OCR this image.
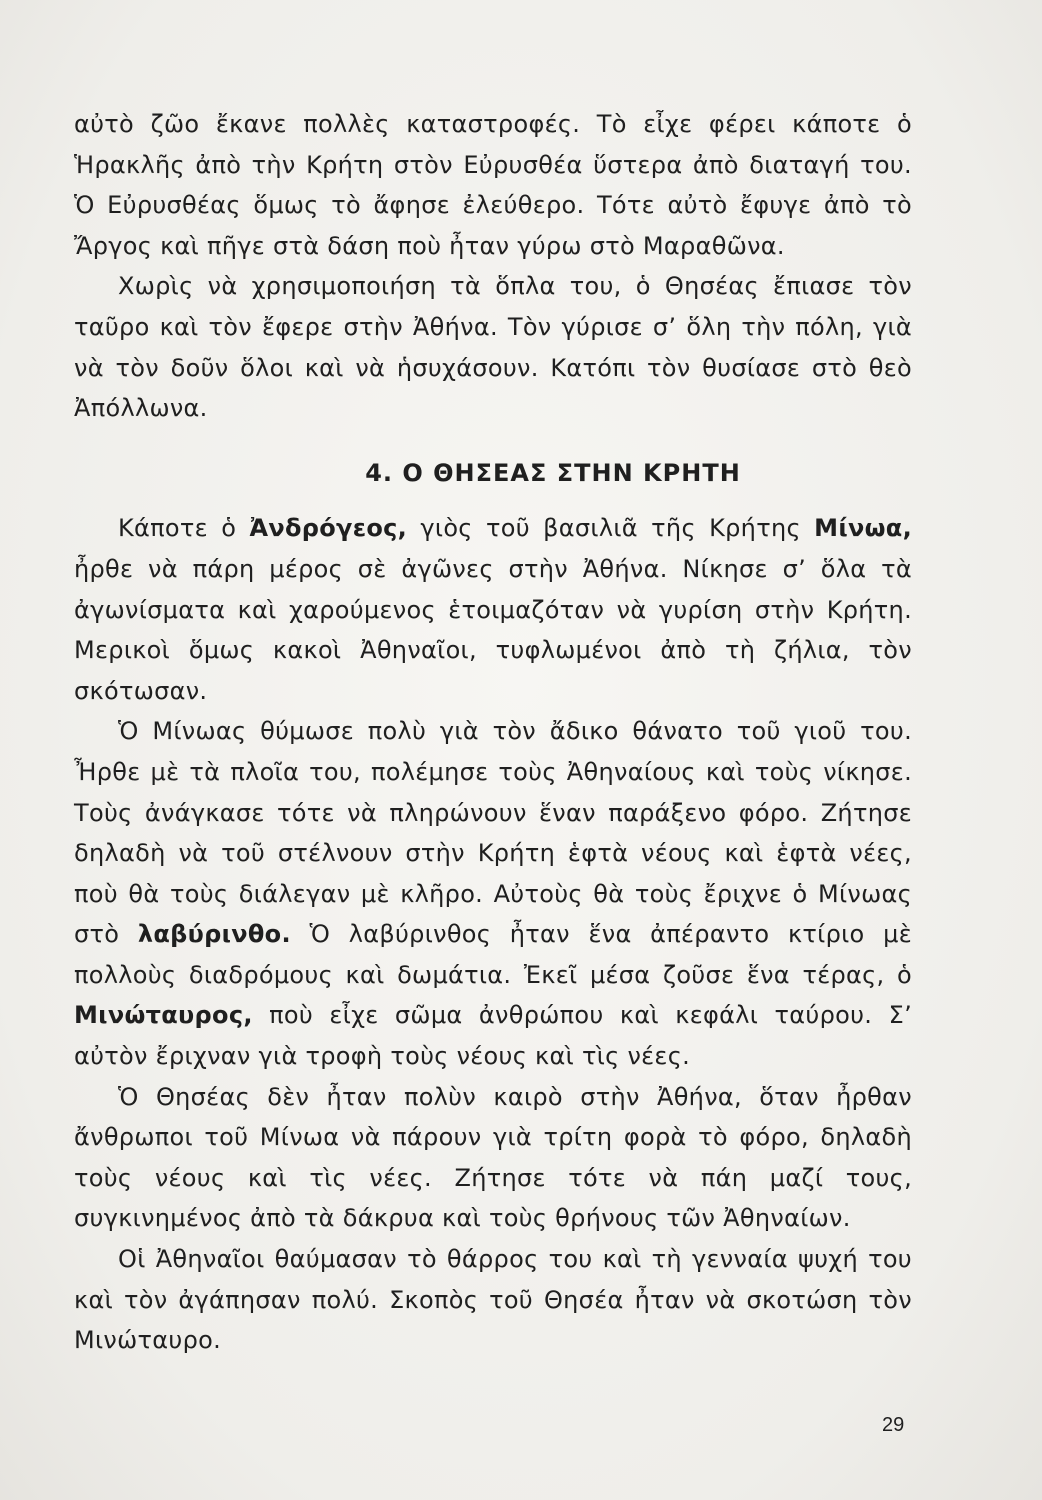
αὐτὸ ζῶο ἔκανε πολλὲς καταστροφές. Τὸ εἶχε φέρει κάποτε ὁ Ἡρακλῆς ἀπὸ τὴν Κρήτη στὸν Εὐρυσθέα ὕστερα ἀπὸ διαταγή του. Ὁ Εὐρυσθέας ὅμως τὸ ἄφησε ἐλεύθερο. Τότε αὐτὸ ἔφυγε ἀπὸ τὸ Ἄργος καὶ πῆγε στὰ δάση ποὺ ἦταν γύρω στὸ Μαραθῶνα.

Χωρὶς νὰ χρησιμοποιήση τὰ ὅπλα του, ὁ Θησέας ἔπιασε τὸν ταῦρο καὶ τὸν ἔφερε στὴν Ἀθήνα. Τὸν γύρισε σ’ ὅλη τὴν πόλη, γιὰ νὰ τὸν δοῦν ὅλοι καὶ νὰ ἡσυχάσουν. Κατόπι τὸν θυσίασε στὸ θεὸ Ἀπόλλωνα.

4. Ο ΘΗΣΕΑΣ ΣΤΗΝ ΚΡΗΤΗ

Κάποτε ὁ Ἀνδρόγεος, γιὸς τοῦ βασιλιᾶ τῆς Κρήτης Μίνωα, ἦρθε νὰ πάρη μέρος σὲ ἀγῶνες στὴν Ἀθήνα. Νίκησε σ’ ὅλα τὰ ἀγωνίσματα καὶ χαρούμενος ἑτοιμαζόταν νὰ γυρίση στὴν Κρήτη. Μερικοὶ ὅμως κακοὶ Ἀθηναῖοι, τυφλωμένοι ἀπὸ τὴ ζήλια, τὸν σκότωσαν.

Ὁ Μίνωας θύμωσε πολὺ γιὰ τὸν ἄδικο θάνατο τοῦ γιοῦ του. Ἦρθε μὲ τὰ πλοῖα του, πολέμησε τοὺς Ἀθηναίους καὶ τοὺς νίκησε. Τοὺς ἀνάγκασε τότε νὰ πληρώνουν ἕναν παράξενο φόρο. Ζήτησε δηλαδὴ νὰ τοῦ στέλνουν στὴν Κρήτη ἑφτὰ νέους καὶ ἑφτὰ νέες, ποὺ θὰ τοὺς διάλεγαν μὲ κλῆρο. Αὐτοὺς θὰ τοὺς ἔριχνε ὁ Μίνωας στὸ λαβύρινθο. Ὁ λαβύρινθος ἦταν ἕνα ἀπέραντο κτίριο μὲ πολλοὺς διαδρόμους καὶ δωμάτια. Ἐκεῖ μέσα ζοῦσε ἕνα τέρας, ὁ Μινώταυρος, ποὺ εἶχε σῶμα ἀνθρώπου καὶ κεφάλι ταύρου. Σ’ αὐτὸν ἔριχναν γιὰ τροφὴ τοὺς νέους καὶ τὶς νέες.

Ὁ Θησέας δὲν ἦταν πολὺν καιρὸ στὴν Ἀθήνα, ὅταν ἦρθαν ἄνθρωποι τοῦ Μίνωα νὰ πάρουν γιὰ τρίτη φορὰ τὸ φόρο, δηλαδὴ τοὺς νέους καὶ τὶς νέες. Ζήτησε τότε νὰ πάη μαζί τους, συγκινημένος ἀπὸ τὰ δάκρυα καὶ τοὺς θρήνους τῶν Ἀθηναίων.

Οἱ Ἀθηναῖοι θαύμασαν τὸ θάρρος του καὶ τὴ γενναία ψυχή του καὶ τὸν ἀγάπησαν πολύ. Σκοπὸς τοῦ Θησέα ἦταν νὰ σκοτώση τὸν Μινώταυρο.

29
